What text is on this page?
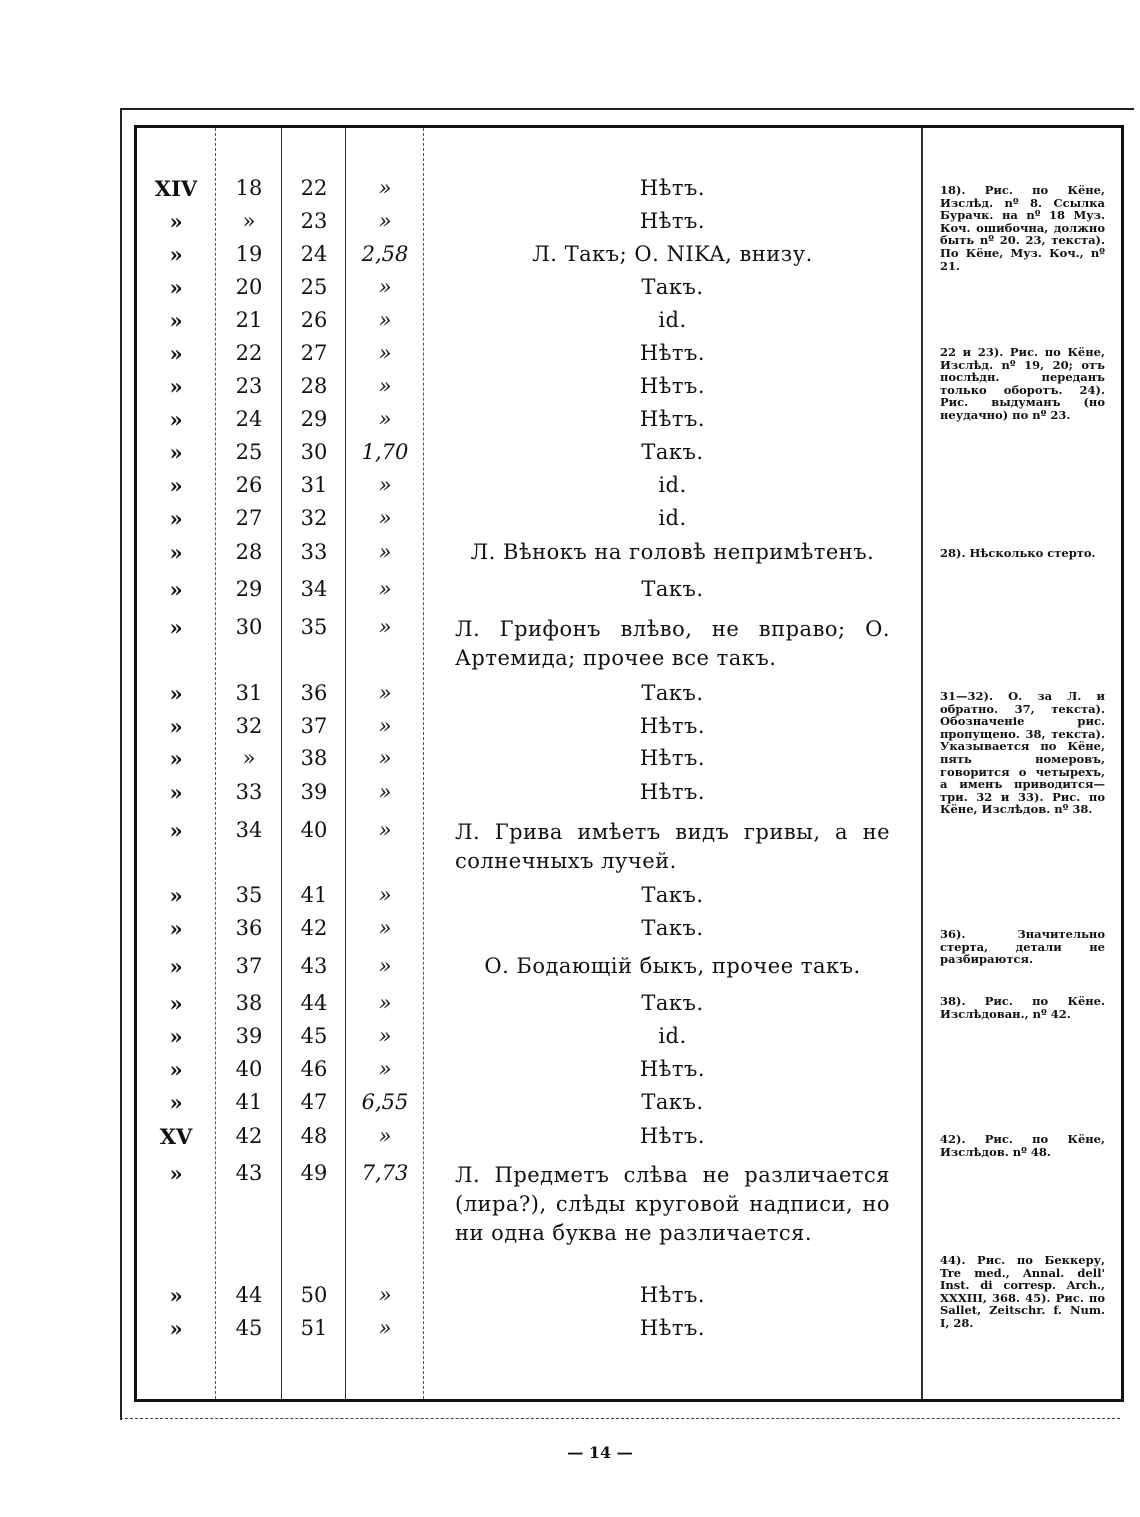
XIV	18	22	»	Нѣтъ.
»	»	23	»	Нѣтъ.
»	19	24	2,58	Л. Такъ; О. NIKA, внизу.
»	20	25	»	Такъ.
»	21	26	»	id.
»	22	27	»	Нѣтъ.
»	23	28	»	Нѣтъ.
»	24	29	»	Нѣтъ.
»	25	30	1,70	Такъ.
»	26	31	»	id.
»	27	32	»	id.
»	28	33	»	Л. Вѣнокъ на головѣ непримѣтенъ.
»	29	34	»	Такъ.
»	30	35	»	Л. Грифонъ влѣво, не вправо; О. Артемида; прочее все такъ.
»	31	36	»	Такъ.
»	32	37	»	Нѣтъ.
»	»	38	»	Нѣтъ.
»	33	39	»	Нѣтъ.
»	34	40	»	Л. Грива имѣетъ видъ гривы, а не солнечныхъ лучей.
»	35	41	»	Такъ.
»	36	42	»	Такъ.
»	37	43	»	О. Бодающій быкъ, прочее такъ.
»	38	44	»	Такъ.
»	39	45	»	id.
»	40	46	»	Нѣтъ.
»	41	47	6,55	Такъ.
XV	42	48	»	Нѣтъ.
»	43	49	7,73	Л. Предметъ слѣва не различается (лира?), слѣды круговой надписи, но ни одна буква не различается.
»	44	50	»	Нѣтъ.
»	45	51	»	Нѣтъ.
18). Рис. по Кёне, Изслѣд. nº 8. Ссылка Бурачк. на nº 18 Муз. Коч. ошибочна, должно быть nº 20. 23, текста). По Кёне, Муз. Коч., nº 21.
22 и 23). Рис. по Кёне, Изслѣд. nº 19, 20; отъ послѣдн. переданъ только оборотъ. 24). Рис. выдуманъ (но неудачно) по nº 23.
28). Нѣсколько стерто.
31—32). О. за Л. и обратно. 37, текста). Обозначеніе рис. пропущено. 38, текста). Указывается по Кёне, пять номеровъ, говорится о четырехъ, а именъ приводится—три. 32 и 33). Рис. по Кёне, Изслѣдов. nº 38.
36). Значительно стерта, детали не разбираются.
38). Рис. по Кёне. Изслѣдован., nº 42.
42). Рис. по Кёне, Изслѣдов. nº 48.
44). Рис. по Беккеру, Tre med., Annal. dell' Inst. di corresp. Arch., XXXIII, 368. 45). Рис. по Sallet, Zeitschr. f. Num. I, 28.
— 14 —
